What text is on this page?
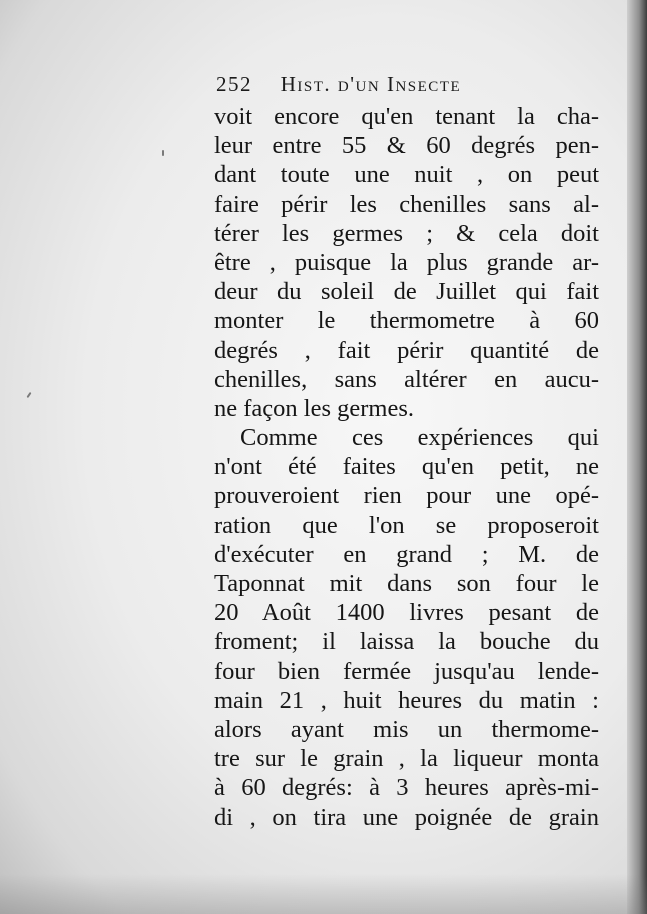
252 Hist. d'un Insecte
voit encore qu'en tenant la cha-
leur entre 55 & 60 degrés pen-
dant toute une nuit , on peut
faire périr les chenilles sans al-
térer les germes ; & cela doit
être , puisque la plus grande ar-
deur du soleil de Juillet qui fait
monter le thermometre à 60
degrés , fait périr quantité de
chenilles, sans altérer en aucu-
ne façon les germes.
Comme ces expériences qui
n'ont été faites qu'en petit, ne
prouveroient rien pour une opé-
ration que l'on se proposeroit
d'exécuter en grand ; M. de
Taponnat mit dans son four le
20 Août 1400 livres pesant de
froment; il laissa la bouche du
four bien fermée jusqu'au lende-
main 21 , huit heures du matin :
alors ayant mis un thermome-
tre sur le grain , la liqueur monta
à 60 degrés: à 3 heures après-mi-
di , on tira une poignée de grain
